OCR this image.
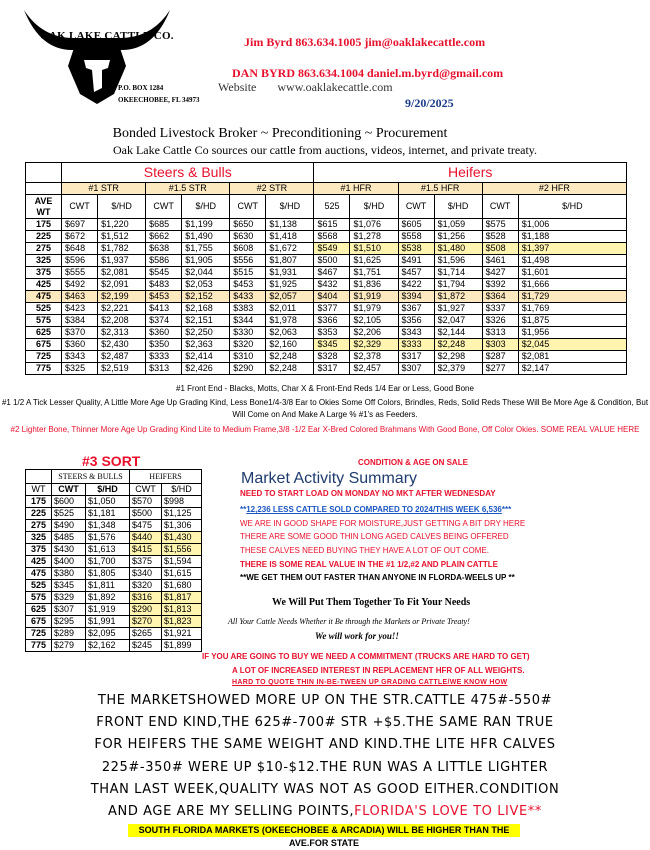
OAK LAKE CATTLE CO.
P.O. BOX 1284
OKEECHOBEE, FL 34973
Jim Byrd 863.634.1005 jim@oaklakecattle.com
DAN BYRD 863.634.1004 daniel.m.byrd@gmail.com
Website www.oaklakecattle.com
9/20/2025
Bonded Livestock Broker ~ Preconditioning ~ Procurement
Oak Lake Cattle Co sources our cattle from auctions, videos, internet, and private treaty.
	Steers & Bulls						Heifers					
	#1 STR		#1.5 STR		#2 STR		#1 HFR		#1.5 HFR		#2 HFR	
AVE WT	CWT	$/HD	CWT	$/HD	CWT	$/HD	525	$/HD	CWT	$/HD	CWT	$/HD
175	$697	$1,220	$685	$1,199	$650	$1,138	$615	$1,076	$605	$1,059	$575	$1,006
225	$672	$1,512	$662	$1,490	$630	$1,418	$568	$1,278	$558	$1,256	$528	$1,188
275	$648	$1,782	$638	$1,755	$608	$1,672	$549	$1,510	$538	$1,480	$508	$1,397
325	$596	$1,937	$586	$1,905	$556	$1,807	$500	$1,625	$491	$1,596	$461	$1,498
375	$555	$2,081	$545	$2,044	$515	$1,931	$467	$1,751	$457	$1,714	$427	$1,601
425	$492	$2,091	$483	$2,053	$453	$1,925	$432	$1,836	$422	$1,794	$392	$1,666
475	$463	$2,199	$453	$2,152	$433	$2,057	$404	$1,919	$394	$1,872	$364	$1,729
525	$423	$2,221	$413	$2,168	$383	$2,011	$377	$1,979	$367	$1,927	$337	$1,769
575	$384	$2,208	$374	$2,151	$344	$1,978	$366	$2,105	$356	$2,047	$326	$1,875
625	$370	$2,313	$360	$2,250	$330	$2,063	$353	$2,206	$343	$2,144	$313	$1,956
675	$360	$2,430	$350	$2,363	$320	$2,160	$345	$2,329	$333	$2,248	$303	$2,045
725	$343	$2,487	$333	$2,414	$310	$2,248	$328	$2,378	$317	$2,298	$287	$2,081
775	$325	$2,519	$313	$2,426	$290	$2,248	$317	$2,457	$307	$2,379	$277	$2,147
#1 Front End - Blacks, Motts, Char X & Front-End Reds 1/4 Ear or Less, Good Bone
#1 1/2 A Tick Lesser Quality, A Little More Age Up Grading Kind, Less Bone1/4-3/8 Ear to Okies Some Off Colors, Brindles, Reds, Solid Reds These Will Be More Age & Condition, But Will Come on And Make A Large % #1's as Feeders.
#2 Lighter Bone, Thinner More Age Up Grading Kind Lite to Medium Frame,3/8 -1/2 Ear X-Bred Colored Brahmans With Good Bone, Off Color Okies. SOME REAL VALUE HERE
#3 SORT
	STEERS & BULLS		HEIFERS	
WT	CWT	$/HD	CWT	$/HD
175	$600	$1,050	$570	$998
225	$525	$1,181	$500	$1,125
275	$490	$1,348	$475	$1,306
325	$485	$1,576	$440	$1,430
375	$430	$1,613	$415	$1,556
425	$400	$1,700	$375	$1,594
475	$380	$1,805	$340	$1,615
525	$345	$1,811	$320	$1,680
575	$329	$1,892	$316	$1,817
625	$307	$1,919	$290	$1,813
675	$295	$1,991	$270	$1,823
725	$289	$2,095	$265	$1,921
775	$279	$2,162	$245	$1,899
CONDITION & AGE ON SALE
Market Activity Summary
NEED TO START LOAD ON MONDAY NO MKT AFTER WEDNESDAY
**12,236 LESS CATTLE SOLD COMPARED TO 2024/THIS WEEK 6,536***
WE ARE IN GOOD SHAPE FOR MOISTURE,JUST GETTING A BIT DRY HERE
THERE ARE SOME GOOD THIN LONG AGED CALVES BEING OFFERED
THESE CALVES NEED BUYING THEY HAVE A LOT OF OUT COME.
THERE IS SOME REAL VALUE IN THE #1 1/2,#2 AND PLAIN CATTLE
**WE GET THEM OUT FASTER THAN ANYONE IN FLORDA-WEELS UP **
We Will Put Them Together To Fit Your Needs
All Your Cattle Needs Whether it Be through the Markets or Private Treaty!
We will work for you!!
IF YOU ARE GOING TO BUY WE NEED A COMMITMENT (TRUCKS ARE HARD TO GET)
A LOT OF INCREASED INTEREST IN REPLACEMENT HFR OF ALL WEIGHTS.
HARD TO QUOTE THIN IN-BE-TWEEN UP GRADING CATTLE/WE KNOW HOW
THE MARKETSHOWED MORE UP ON THE STR.CATTLE 475#-550#
FRONT END KIND,THE 625#-700# STR +$5.THE SAME RAN TRUE
FOR HEIFERS THE SAME WEIGHT AND KIND.THE LITE HFR CALVES
225#-350# WERE UP $10-$12.THE RUN WAS A LITTLE LIGHTER
THAN LAST WEEK,QUALITY WAS NOT AS GOOD EITHER.CONDITION
AND AGE ARE MY SELLING POINTS,FLORIDA'S LOVE TO LIVE**
SOUTH FLORIDA MARKETS (OKEECHOBEE & ARCADIA) WILL BE HIGHER THAN THE AVE.FOR STATE
